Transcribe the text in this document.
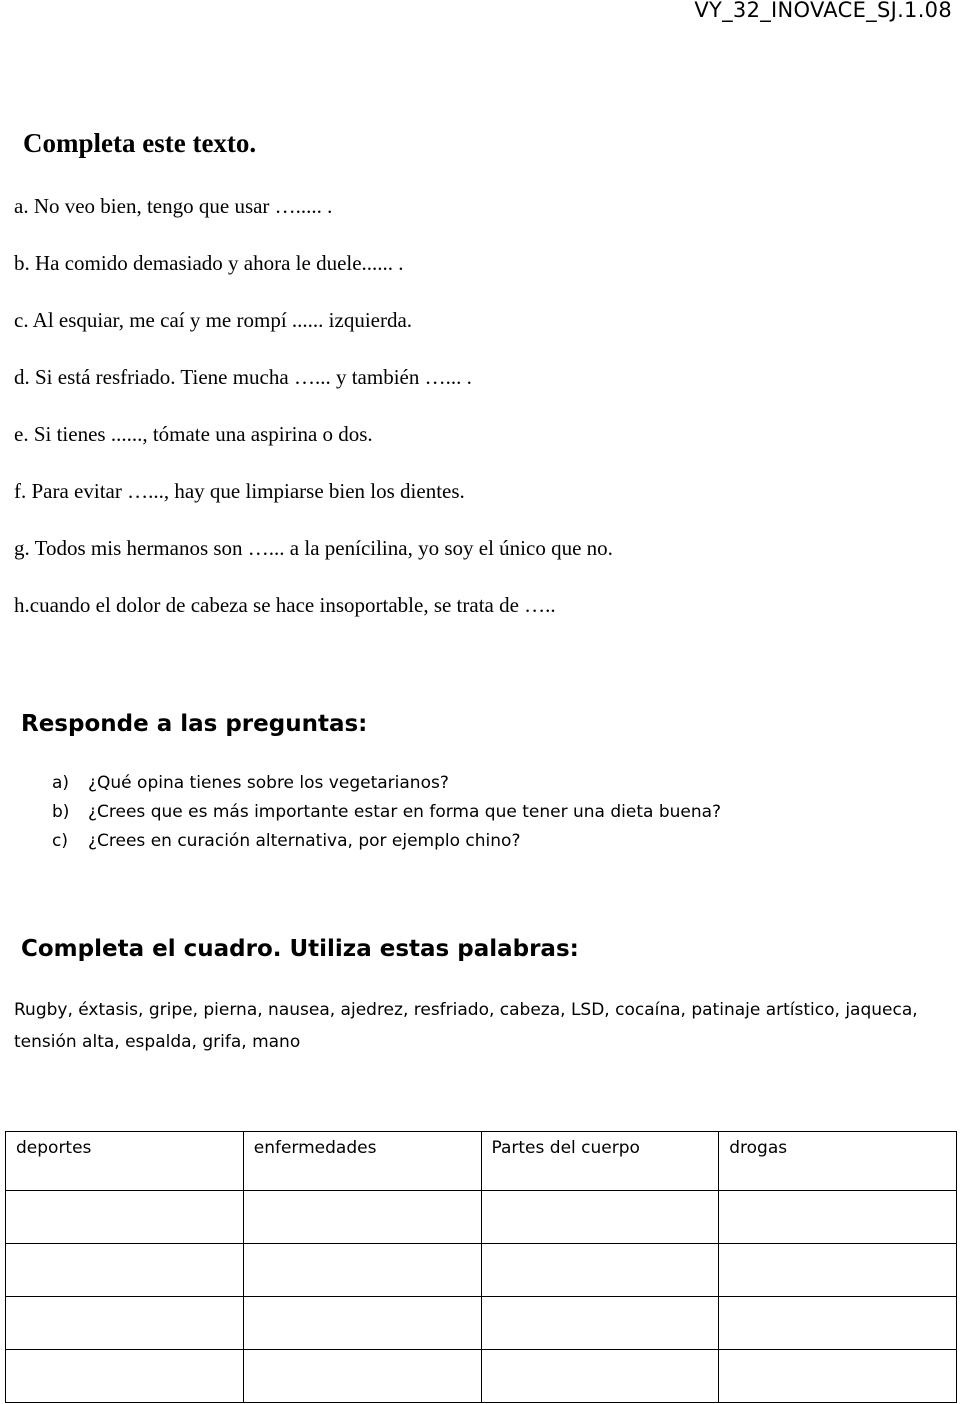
VY_32_INOVACE_SJ.1.08
Completa este texto.
a. No veo bien, tengo que usar …..... .
b. Ha comido demasiado y ahora le duele...... .
c. Al esquiar, me caí y me rompí ...... izquierda.
d. Si está resfriado. Tiene mucha …... y también …... .
e. Si tienes ......, tómate una aspirina o dos.
f. Para evitar …..., hay que limpiarse bien los dientes.
g. Todos mis hermanos son …... a la penícilina, yo soy el único que no.
h.cuando el dolor de cabeza se hace insoportable, se trata de …..
Responde a las preguntas:
a) ¿Qué opina tienes sobre los vegetarianos?
b) ¿Crees que es más importante estar en forma que tener una dieta buena?
c) ¿Crees en curación alternativa, por ejemplo chino?
Completa el cuadro. Utiliza estas palabras:
Rugby, éxtasis, gripe, pierna, nausea, ajedrez, resfriado, cabeza, LSD, cocaína, patinaje artístico, jaqueca, tensión alta, espalda, grifa, mano
deportes	enfermedades	Partes del cuerpo	drogas
